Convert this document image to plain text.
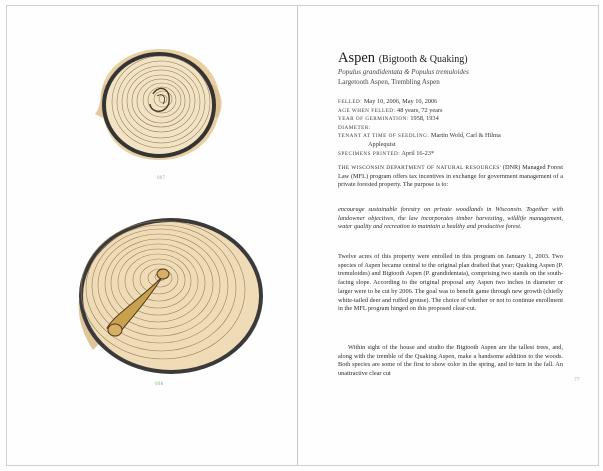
007
008
Aspen (Bigtooth & Quaking)
Populus grandidentata & Populus tremuloides
Largetooth Aspen, Trembling Aspen
FELLED: May 10, 2006, May 10, 2006
AGE WHEN FELLED: 48 years, 72 years
YEAR OF GERMINATION: 1958, 1934
DIAMETER:
TENANT AT TIME OF SEEDLING: Martin Wold, Carl & Hilma
Applequist
SPECIMENS PRINTED: April 16-23*
THE WISCONSIN DEPARTMENT OF NATURAL RESOURCES' (DNR) Managed Forest Law (MFL) program offers tax incentives in exchange for government management of a private forested property. The purpose is to:
encourage sustainable forestry on private woodlands in Wisconsin. Together with landowner objectives, the law incorporates timber harvesting, wildlife management, water quality and recreation to maintain a healthy and productive forest.
Twelve acres of this property were enrolled in this program on January 1, 2003. Two species of Aspen became central to the original plan drafted that year; Quaking Aspen (P. tremuloides) and Bigtooth Aspen (P. grandidentata), comprising two stands on the south-facing slope. According to the original proposal any Aspen two inches in diameter or larger were to be cut by 2006. The goal was to benefit game through new growth (chiefly white-tailed deer and ruffed grouse). The choice of whether or not to continue enrollment in the MFL program hinged on this proposed clear-cut.
Within sight of the house and studio the Bigtooth Aspen are the tallest trees, and, along with the tremble of the Quaking Aspen, make a handsome addition to the woods. Both species are some of the first to show color in the spring, and to turn in the fall. An unattractive clear cut
77
